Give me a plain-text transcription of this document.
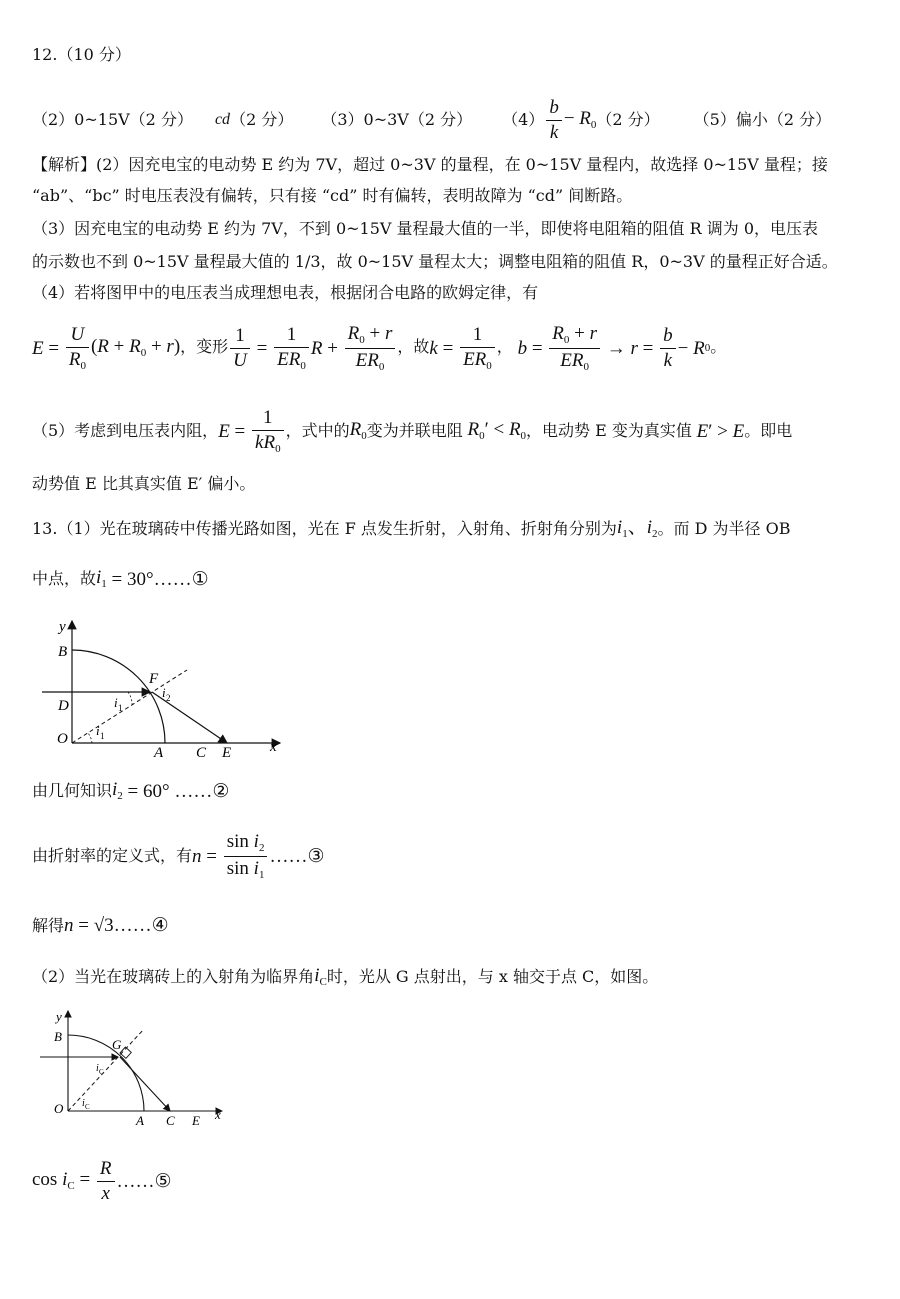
12.（10 分）
（2）0~15V（2 分） cd （2 分） （3）0~3V（2 分） $(4) \frac{b}{k} - R_0$ （2 分） （5）偏小（2 分）
【解析】(2）因充电宝的电动势 E 约为 7V，超过 0~3V 的量程，在 0~15V 量程内，故选择 0~15V 量程；接
“ab”、“bc” 时电压表没有偏转，只有接 “cd” 时有偏转，表明故障为 “cd” 间断路。
（3）因充电宝的电动势 E 约为 7V，不到 0~15V 量程最大值的一半，即使将电阻箱的阻值 R 调为 0，电压表
的示数也不到 0~15V 量程最大值的 1/3，故 0~15V 量程太大；调整电阻箱的阻值 R，0~3V 的量程正好合适。
（4）若将图甲中的电压表当成理想电表，根据闭合电路的欧姆定律，有
$E = \frac{U}{R_0} (R + R_0 + r)$ ，变形 $\frac{1}{U} = \frac{1}{ER_0}$ $R + \frac{R_0 + r}{ER_0}$ ，故 $k = \frac{1}{ER_0}$ ，
$b = \frac{R_0 + r}{ER_0} \to r = \frac{b}{k} - R$ 0 。
（5）考虑到电压表内阻， $E = \frac{1}{kR_0}$ ，式中的 $R_0$ 变为并联电阻 $R_0' < R_0$ ，电动势 E 变为真实值 E′ > E 。即电
动势值 E 比其真实值 E′ 偏小。
13.（1）光在玻璃砖中传播光路如图，光在 F 点发生折射，入射角、折射角分别为 $i_1$、$i_2$ 。而 D 为半径 OB
中点，故 $i_1$ = 30°……①
y
B
F
D
O
A C E	x
i 1
i 2
i 1
由几何知识 $i_2 = 60^\circ$ ……②
由折射率的定义式，有 $n = \frac{\sin i_2}{\sin i_1}$ ……③
解得 n = √3 ……④
（2）当光在玻璃砖上的入射角为临界角 $i_C$ 时，光从 G 点射出，与 x 轴交于点 C，如图。
y
B
G
O
A C E x
i C
i C
$\cos i_C = \frac{R}{x}$ ……⑤
